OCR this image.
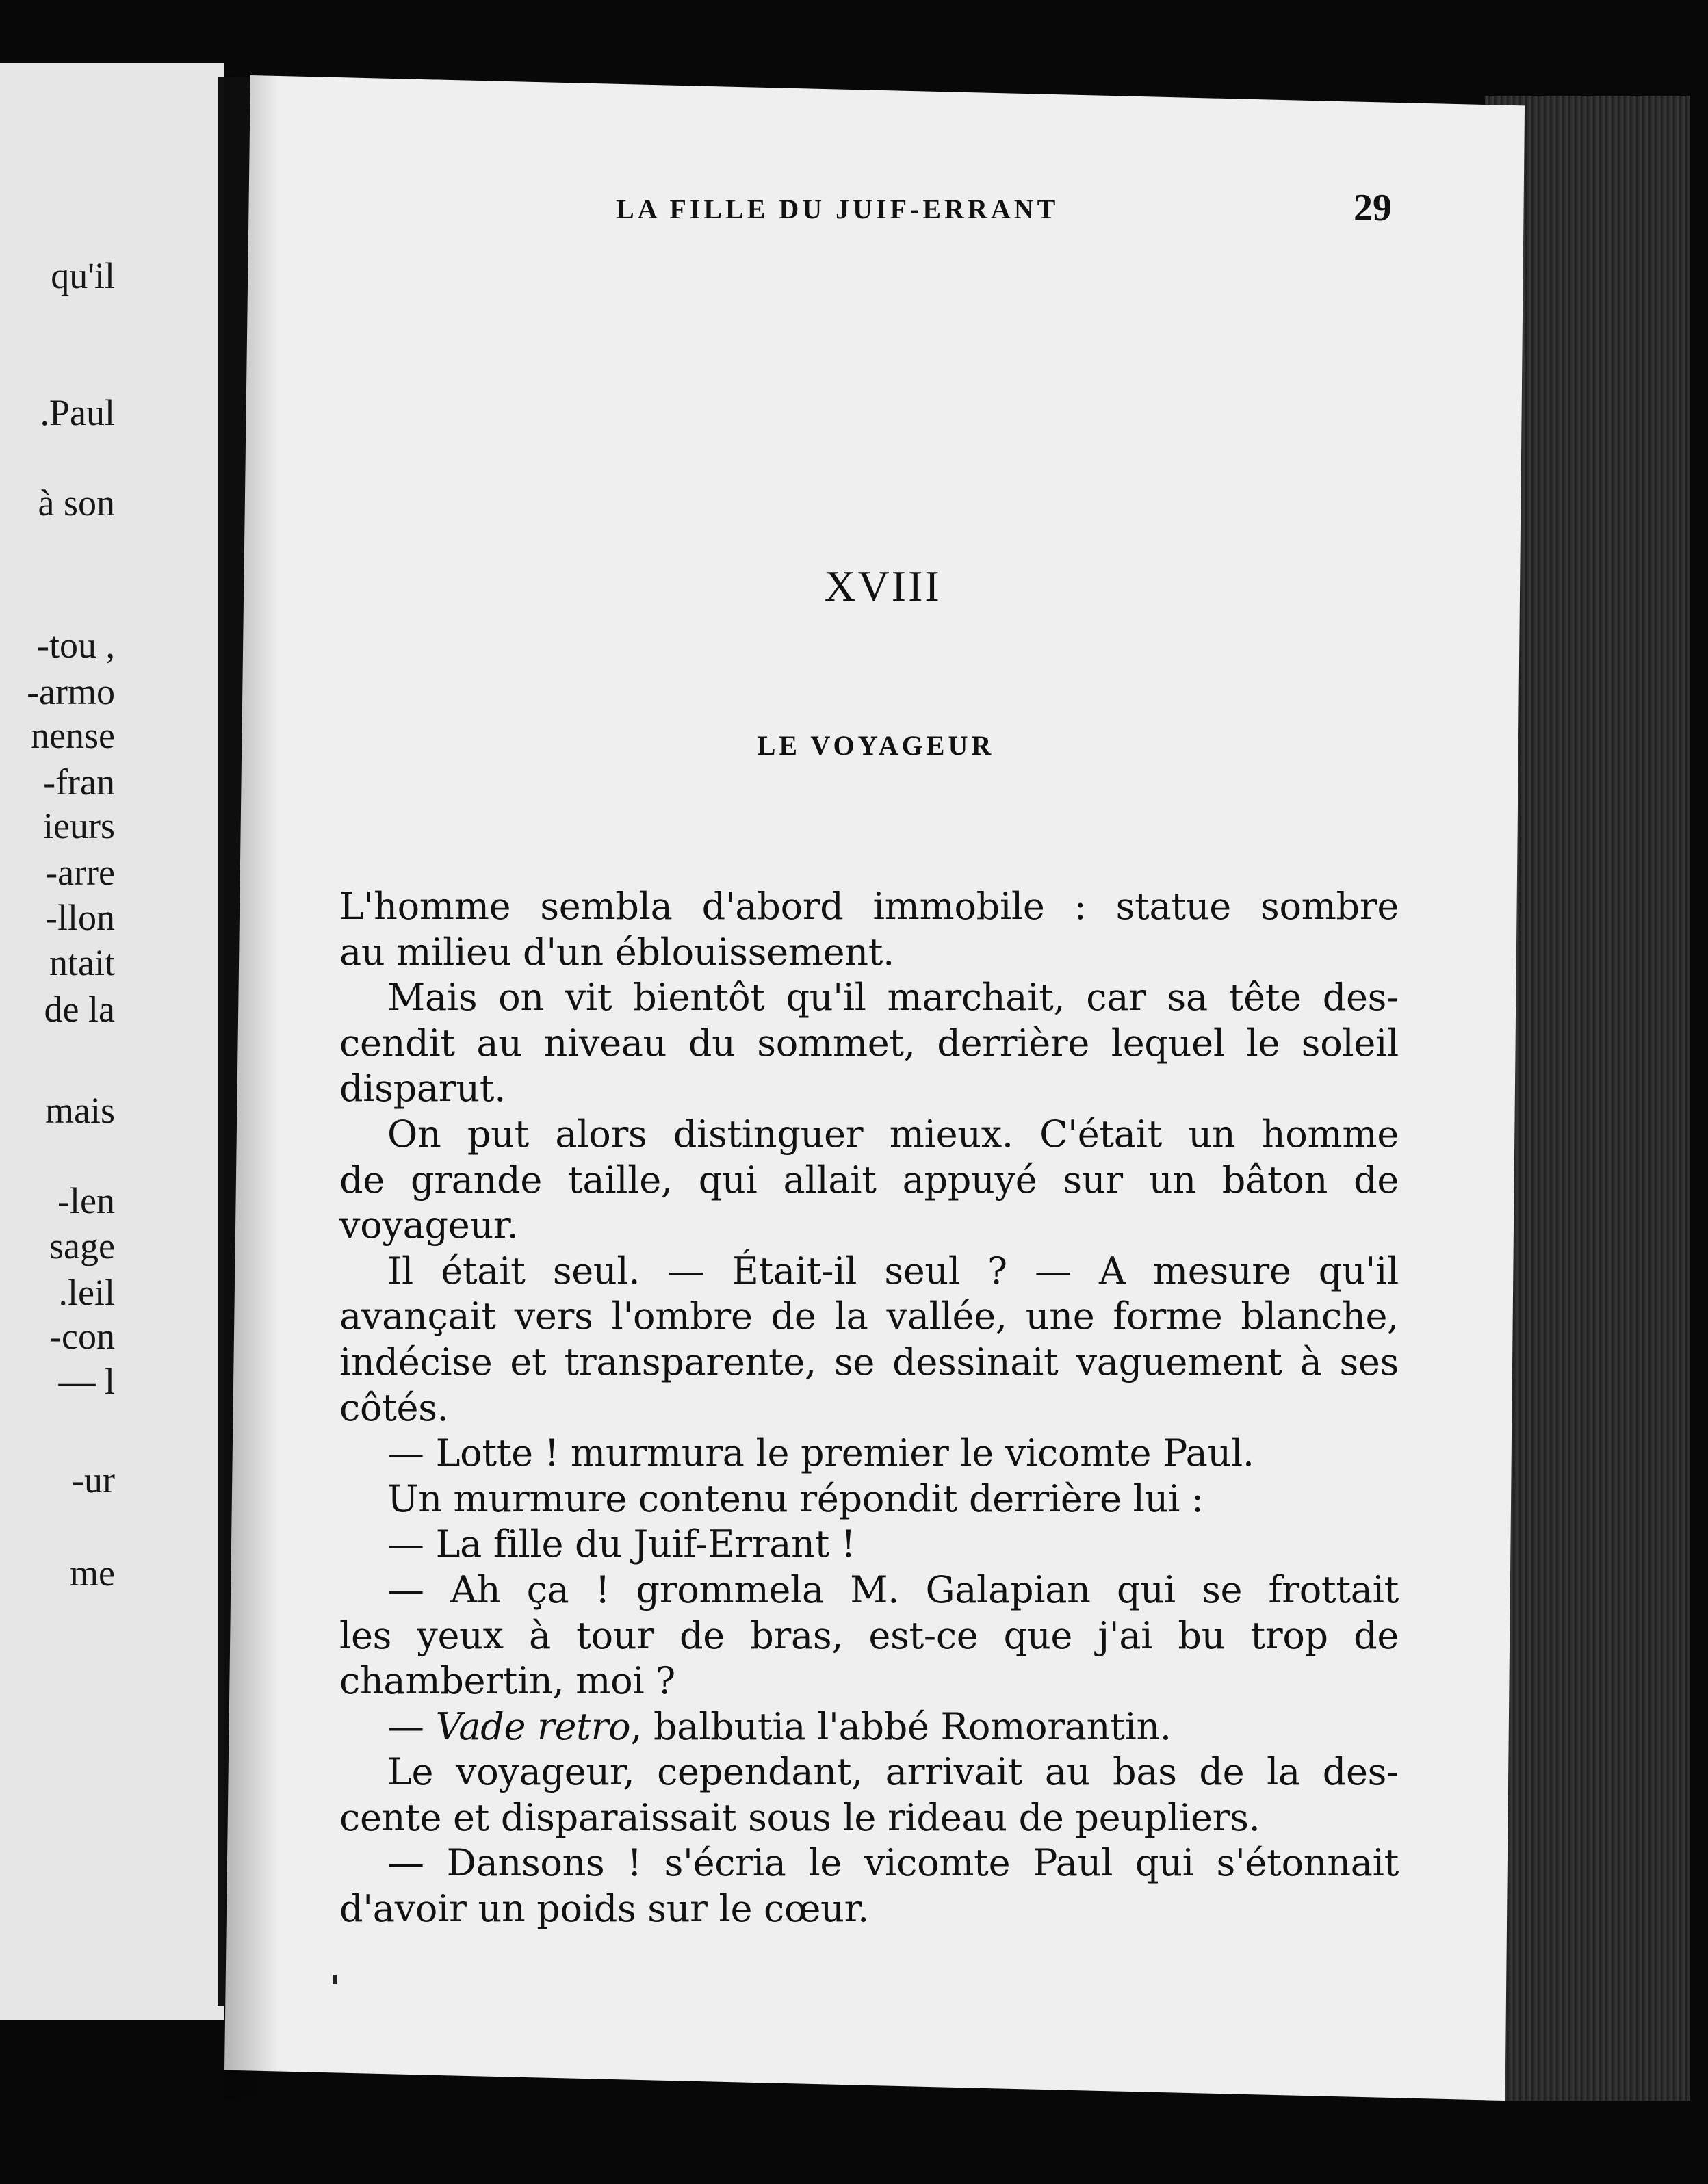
qu'il
Paul.
à son
, tou-
armo-
nense
fran-
ieurs
arre-
llon-
ntait
de la
mais
len-
sage
leil.
con-
l —
ur-
me
LA FILLE DU JUIF-ERRANT	29
XVIII
LE VOYAGEUR
L'homme sembla d'abord immobile : statue sombre
au milieu d'un éblouissement.
Mais on vit bientôt qu'il marchait, car sa tête des-
cendit au niveau du sommet, derrière lequel le soleil
disparut.
On put alors distinguer mieux. C'était un homme
de grande taille, qui allait appuyé sur un bâton de
voyageur.
Il était seul. — Était-il seul ? — A mesure qu'il
avançait vers l'ombre de la vallée, une forme blanche,
indécise et transparente, se dessinait vaguement à ses
côtés.
— Lotte ! murmura le premier le vicomte Paul.
Un murmure contenu répondit derrière lui :
— La fille du Juif-Errant !
— Ah ça ! grommela M. Galapian qui se frottait
les yeux à tour de bras, est-ce que j'ai bu trop de
chambertin, moi ?
— Vade retro, balbutia l'abbé Romorantin.
Le voyageur, cependant, arrivait au bas de la des-
cente et disparaissait sous le rideau de peupliers.
— Dansons ! s'écria le vicomte Paul qui s'étonnait
d'avoir un poids sur le cœur.
